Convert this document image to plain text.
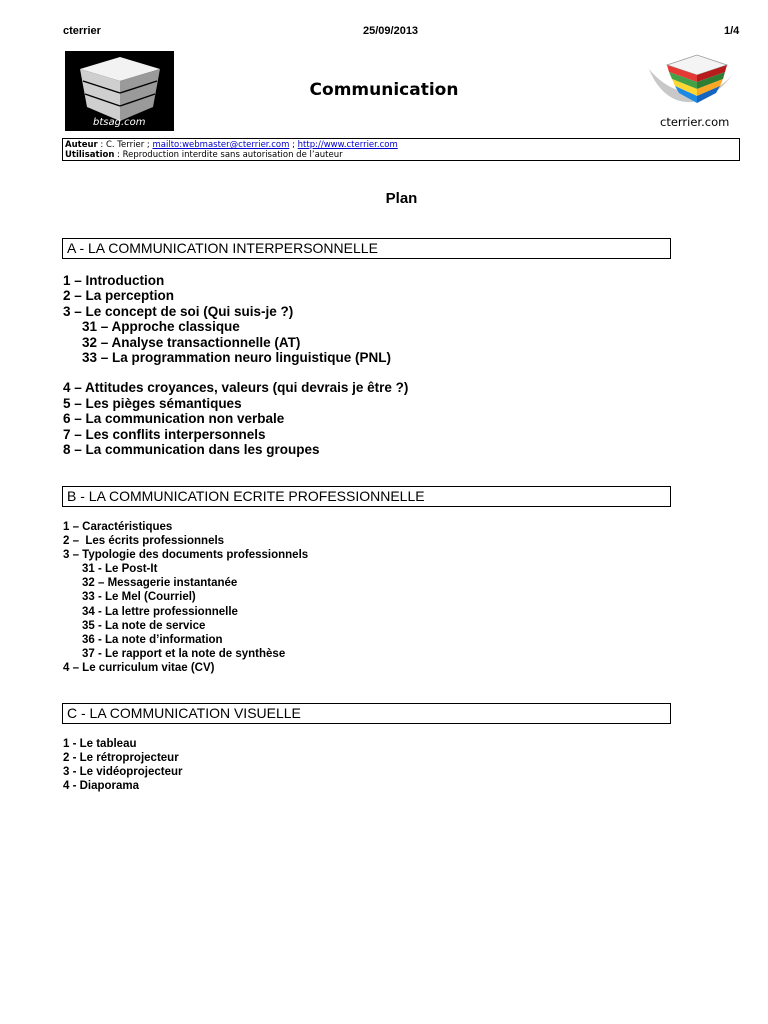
cterrier	25/09/2013	1/4
btsag.com
Communication
cterrier.com
Auteur : C. Terrier ; mailto:webmaster@cterrier.com ; http://www.cterrier.com
Utilisation : Reproduction interdite sans autorisation de l’auteur
Plan
A - LA COMMUNICATION INTERPERSONNELLE
1 – Introduction
2 – La perception
3 – Le concept de soi (Qui suis-je ?)
31 – Approche classique
32 – Analyse transactionnelle (AT)
33 – La programmation neuro linguistique (PNL)
4 – Attitudes croyances, valeurs (qui devrais je être ?)
5 – Les pièges sémantiques
6 – La communication non verbale
7 – Les conflits interpersonnels
8 – La communication dans les groupes
B - LA COMMUNICATION ECRITE PROFESSIONNELLE
1 – Caractéristiques
2 –  Les écrits professionnels
3 – Typologie des documents professionnels
31 - Le Post-It
32 – Messagerie instantanée
33 - Le Mel (Courriel)
34 - La lettre professionnelle
35 - La note de service
36 - La note d’information
37 - Le rapport et la note de synthèse
4 – Le curriculum vitae (CV)
C - LA COMMUNICATION VISUELLE
1 - Le tableau
2 - Le rétroprojecteur
3 - Le vidéoprojecteur
4 - Diaporama
